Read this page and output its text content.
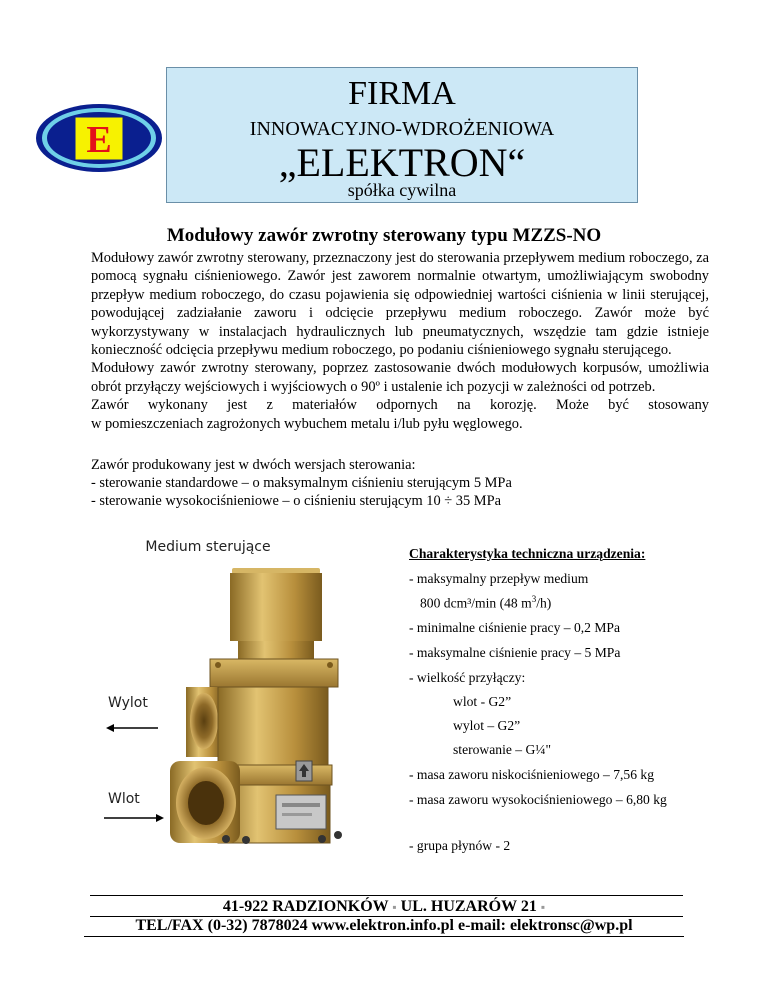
E
FIRMA
INNOWACYJNO-WDROŻENIOWA
„ELEKTRON“
spółka cywilna
Modułowy zawór zwrotny sterowany typu MZZS-NO

Modułowy zawór zwrotny sterowany, przeznaczony jest do sterowania przepływem medium roboczego, za pomocą sygnału ciśnieniowego. Zawór jest zaworem normalnie otwartym, umożliwiającym swobodny przepływ medium roboczego, do czasu pojawienia się odpowiedniej wartości ciśnienia w linii sterującej, powodującej zadziałanie zaworu i odcięcie przepływu medium roboczego. Zawór może być wykorzystywany w instalacjach hydraulicznych lub pneumatycznych, wszędzie tam gdzie istnieje konieczność odcięcia przepływu medium roboczego, po podaniu ciśnieniowego sygnału sterującego.

Modułowy zawór zwrotny sterowany, poprzez zastosowanie dwóch modułowych korpusów, umożliwia obrót przyłączy wejściowych i wyjściowych o 90º i ustalenie ich pozycji w zależności od potrzeb.

Zawór wykonany jest z materiałów odpornych na korozję. Może być stosowany

w pomieszczeniach zagrożonych wybuchem metalu i/lub pyłu węglowego.

Zawór produkowany jest w dwóch wersjach sterowania:
- sterowanie standardowe – o maksymalnym ciśnieniu sterującym 5 MPa
- sterowanie wysokociśnieniowe – o ciśnieniu sterującym 10 ÷ 35 MPa
Medium sterujące
Wylot
Wlot
Charakterystyka techniczna urządzenia:
- maksymalny przepływ medium
800 dcm³/min (48 $m^3/h$)
- minimalne ciśnienie pracy – 0,2 MPa
- maksymalne ciśnienie pracy – 5 MPa
- wielkość przyłączy:
wlot - G2”
wylot – G2”
sterowanie – G¼"
- masa zaworu niskociśnieniowego – 7,56 kg
- masa zaworu wysokociśnieniowego – 6,80 kg
- grupa płynów - 2
41-922 RADZIONKÓW ▪ UL. HUZARÓW 21 ▪
TEL/FAX (0-32) 7878024 www.elektron.info.pl e-mail: elektronsc@wp.pl
